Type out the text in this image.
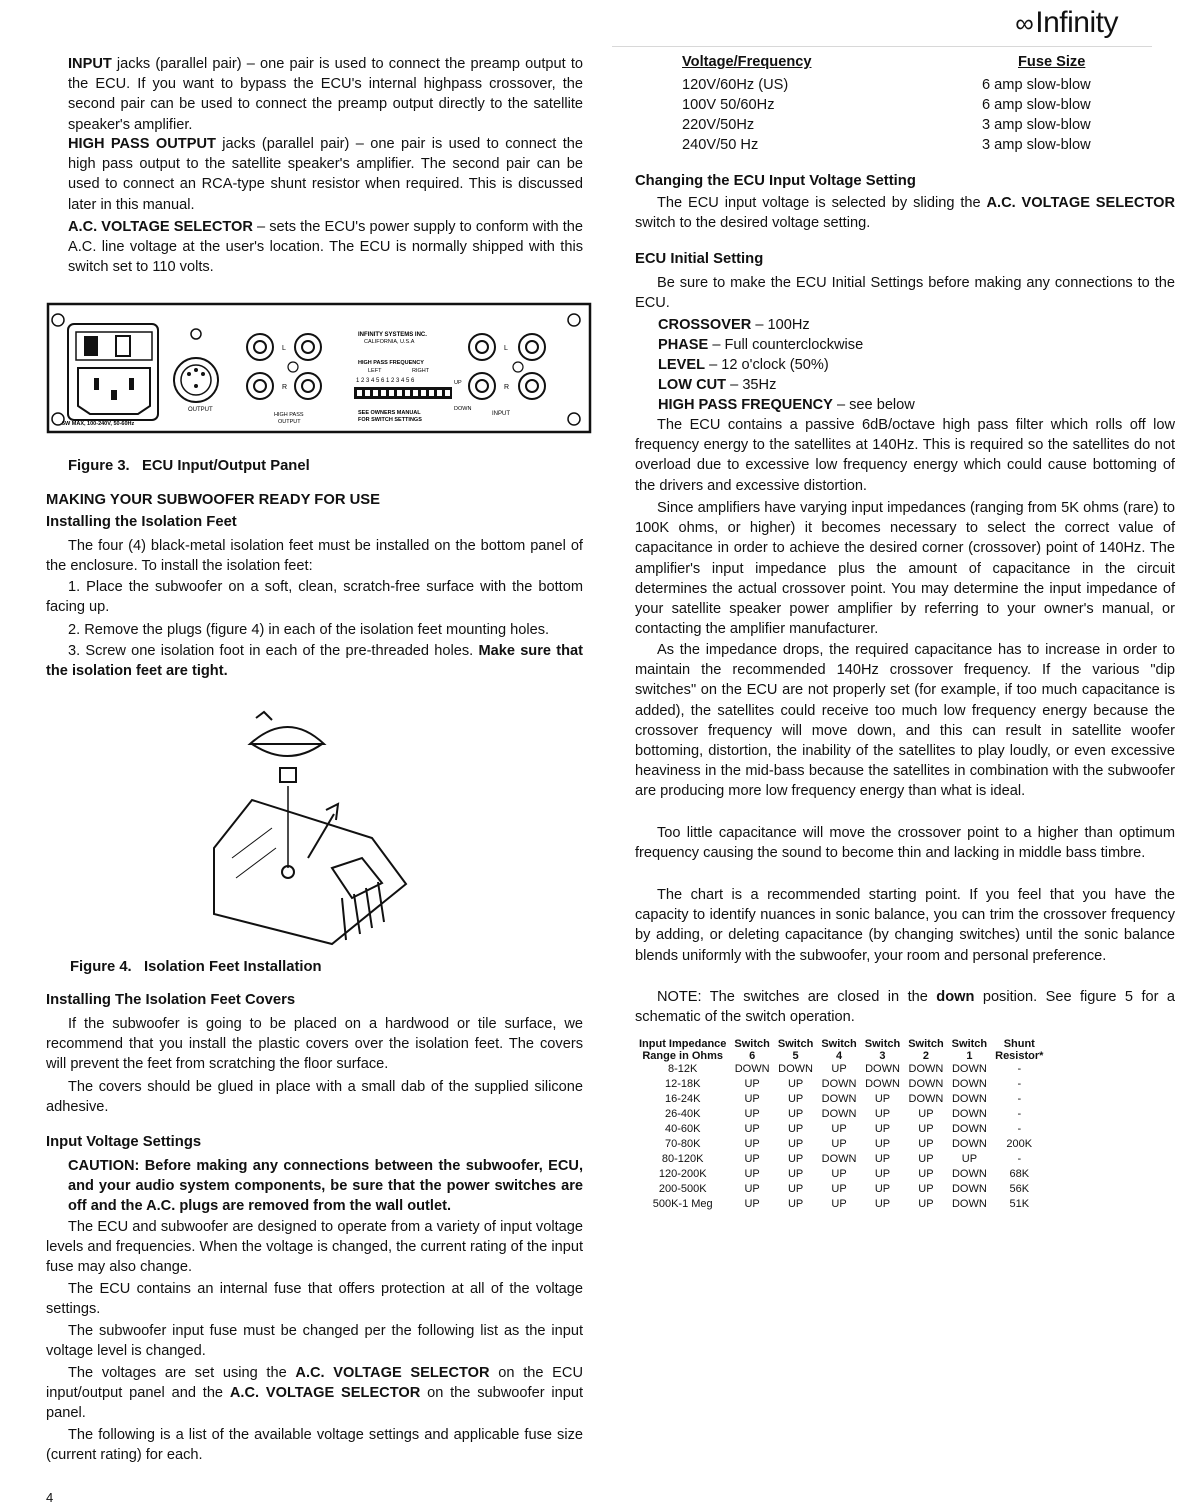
∞Infinity

INPUT jacks (parallel pair) – one pair is used to connect the preamp output to the ECU. If you want to bypass the ECU's internal highpass crossover, the second pair can be used to connect the preamp output directly to the satellite speaker's amplifier.

HIGH PASS OUTPUT jacks (parallel pair) – one pair is used to connect the high pass output to the satellite speaker's amplifier. The second pair can be used to connect an RCA-type shunt resistor when required. This is discussed later in this manual.

A.C. VOLTAGE SELECTOR – sets the ECU's power supply to conform with the A.C. line voltage at the user's location. The ECU is normally shipped with this switch set to 110 volts.

OUTPUT
L
R
HIGH PASS
OUTPUT
INFINITY SYSTEMS INC.
CALIFORNIA, U.S.A
HIGH PASS FREQUENCY
LEFT	RIGHT
1 2 3 4 5 6 1 2 3 4 5 6	UP
DOWN
SEE OWNERS MANUAL
FOR SWITCH SETTINGS
L
R
INPUT
5W MAX, 100-240V, 50-60Hz
Figure 3.   ECU Input/Output Panel
MAKING YOUR SUBWOOFER READY FOR USE
Installing the Isolation Feet

The four (4) black-metal isolation feet must be installed on the bottom panel of the enclosure. To install the isolation feet:

1. Place the subwoofer on a soft, clean, scratch-free surface with the bottom facing up.

2. Remove the plugs (figure 4) in each of the isolation feet mounting holes.

3. Screw one isolation foot in each of the pre-threaded holes. Make sure that the isolation feet are tight.

Figure 4.   Isolation Feet Installation
Installing The Isolation Feet Covers

If the subwoofer is going to be placed on a hardwood or tile surface, we recommend that you install the plastic covers over the isolation feet. The covers will prevent the feet from scratching the floor surface.

The covers should be glued in place with a small dab of the supplied silicone adhesive.

Input Voltage Settings

CAUTION: Before making any connections between the subwoofer, ECU, and your audio system components, be sure that the power switches are off and the A.C. plugs are removed from the wall outlet.

The ECU and subwoofer are designed to operate from a variety of input voltage levels and frequencies. When the voltage is changed, the current rating of the input fuse may also change.

The ECU contains an internal fuse that offers protection at all of the voltage settings.

The subwoofer input fuse must be changed per the following list as the input voltage level is changed.

The voltages are set using the A.C. VOLTAGE SELECTOR on the ECU input/output panel and the A.C. VOLTAGE SELECTOR on the subwoofer input panel.

The following is a list of the available voltage settings and applicable fuse size (current rating) for each.

4
Voltage/Frequency	Fuse Size
120V/60Hz (US)	6 amp slow-blow
100V 50/60Hz	6 amp slow-blow
220V/50Hz	3 amp slow-blow
240V/50 Hz	3 amp slow-blow
Changing the ECU Input Voltage Setting

The ECU input voltage is selected by sliding the A.C. VOLTAGE SELECTOR switch to the desired voltage setting.

ECU Initial Setting

Be sure to make the ECU Initial Settings before making any connections to the ECU.

CROSSOVER – 100Hz
PHASE – Full counterclockwise
LEVEL – 12 o'clock (50%)
LOW CUT – 35Hz
HIGH PASS FREQUENCY – see below

The ECU contains a passive 6dB/octave high pass filter which rolls off low frequency energy to the satellites at 140Hz. This is required so the satellites do not overload due to excessive low frequency energy which could cause bottoming of the drivers and excessive distortion.

Since amplifiers have varying input impedances (ranging from 5K ohms (rare) to 100K ohms, or higher) it becomes necessary to select the correct value of capacitance in order to achieve the desired corner (crossover) point of 140Hz. The amplifier's input impedance plus the amount of capacitance in the circuit determines the actual crossover point. You may determine the input impedance of your satellite speaker power amplifier by referring to your owner's manual, or contacting the amplifier manufacturer.

As the impedance drops, the required capacitance has to increase in order to maintain the recommended 140Hz crossover frequency. If the various "dip switches" on the ECU are not properly set (for example, if too much capacitance is added), the satellites could receive too much low frequency energy because the crossover frequency will move down, and this can result in satellite woofer bottoming, distortion, the inability of the satellites to play loudly, or even excessive heaviness in the mid-bass because the satellites in combination with the subwoofer are producing more low frequency energy than what is ideal.

Too little capacitance will move the crossover point to a higher than optimum frequency causing the sound to become thin and lacking in middle bass timbre.

The chart is a recommended starting point. If you feel that you have the capacity to identify nuances in sonic balance, you can trim the crossover frequency by adding, or deleting capacitance (by changing switches) until the sonic balance blends uniformly with the subwoofer, your room and personal preference.

NOTE: The switches are closed in the down position. See figure 5 for a schematic of the switch operation.

Input Impedance	Switch	Switch	Switch	Switch	Switch	Switch	Shunt
Range in Ohms	6	5	4	3	2	1	Resistor*
8-12K	DOWN	DOWN	UP	DOWN	DOWN	DOWN	-
12-18K	UP	UP	DOWN	DOWN	DOWN	DOWN	-
16-24K	UP	UP	DOWN	UP	DOWN	DOWN	-
26-40K	UP	UP	DOWN	UP	UP	DOWN	-
40-60K	UP	UP	UP	UP	UP	DOWN	-
70-80K	UP	UP	UP	UP	UP	DOWN	200K
80-120K	UP	UP	DOWN	UP	UP	UP	-
120-200K	UP	UP	UP	UP	UP	DOWN	68K
200-500K	UP	UP	UP	UP	UP	DOWN	56K
500K-1 Meg	UP	UP	UP	UP	UP	DOWN	51K
